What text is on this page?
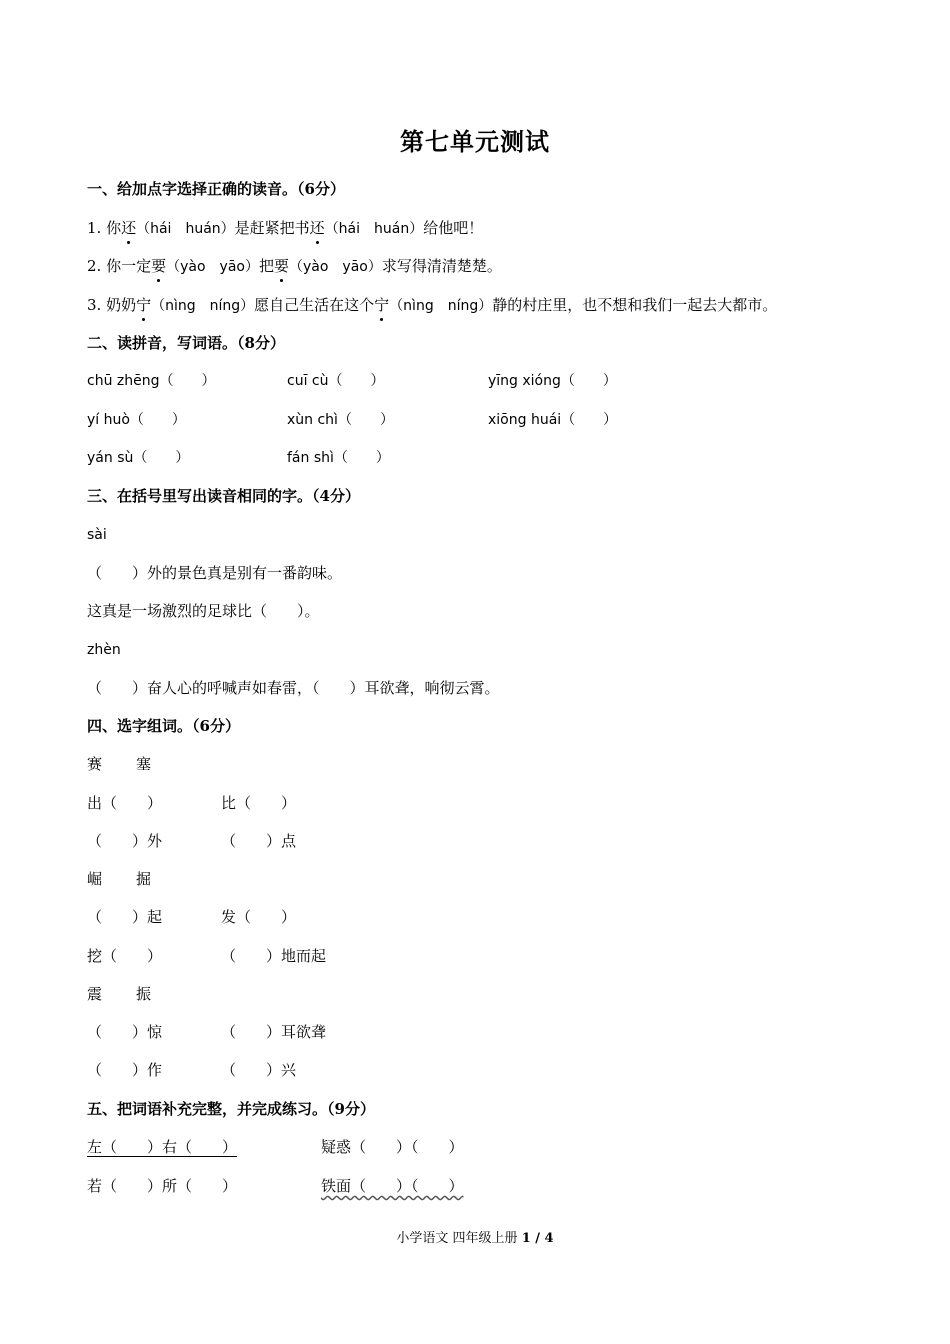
第七单元测试
一、给加点字选择正确的读音。（6分）
1. 你还（hái　huán）是赶紧把书还（hái　huán）给他吧！
2. 你一定要（yào　yāo）把要（yào　yāo）求写得清清楚楚。
3. 奶奶宁（nìng　níng）愿自己生活在这个宁（nìng　níng）静的村庄里，也不想和我们一起去大都市。
二、读拼音，写词语。（8分）
chū zhēng（　　）	cuī cù（　　）	yīng xióng（　　）
yí huò（　　）	xùn chì（　　）	xiōng huái（　　）
yán sù（　　）	fán shì（　　）
三、在括号里写出读音相同的字。（4分）
sài
（　　）外的景色真是别有一番韵味。
这真是一场激烈的足球比（　　）。
zhèn
（　　）奋人心的呼喊声如春雷，（　　）耳欲聋，响彻云霄。
四、选字组词。（6分）
赛 塞
出（　　）	比（　　）
（　　）外	（　　）点
崛 掘
（　　）起	发（　　）
挖（　　）	（　　）地而起
震 振
（　　）惊	（　　）耳欲聋
（　　）作	（　　）兴
五、把词语补充完整，并完成练习。（9分）
左（　　）右（　　）	疑惑（　　）（　　）
若（　　）所（　　）	铁面（　　）（　　）
小学语文 四年级上册 1 / 4
